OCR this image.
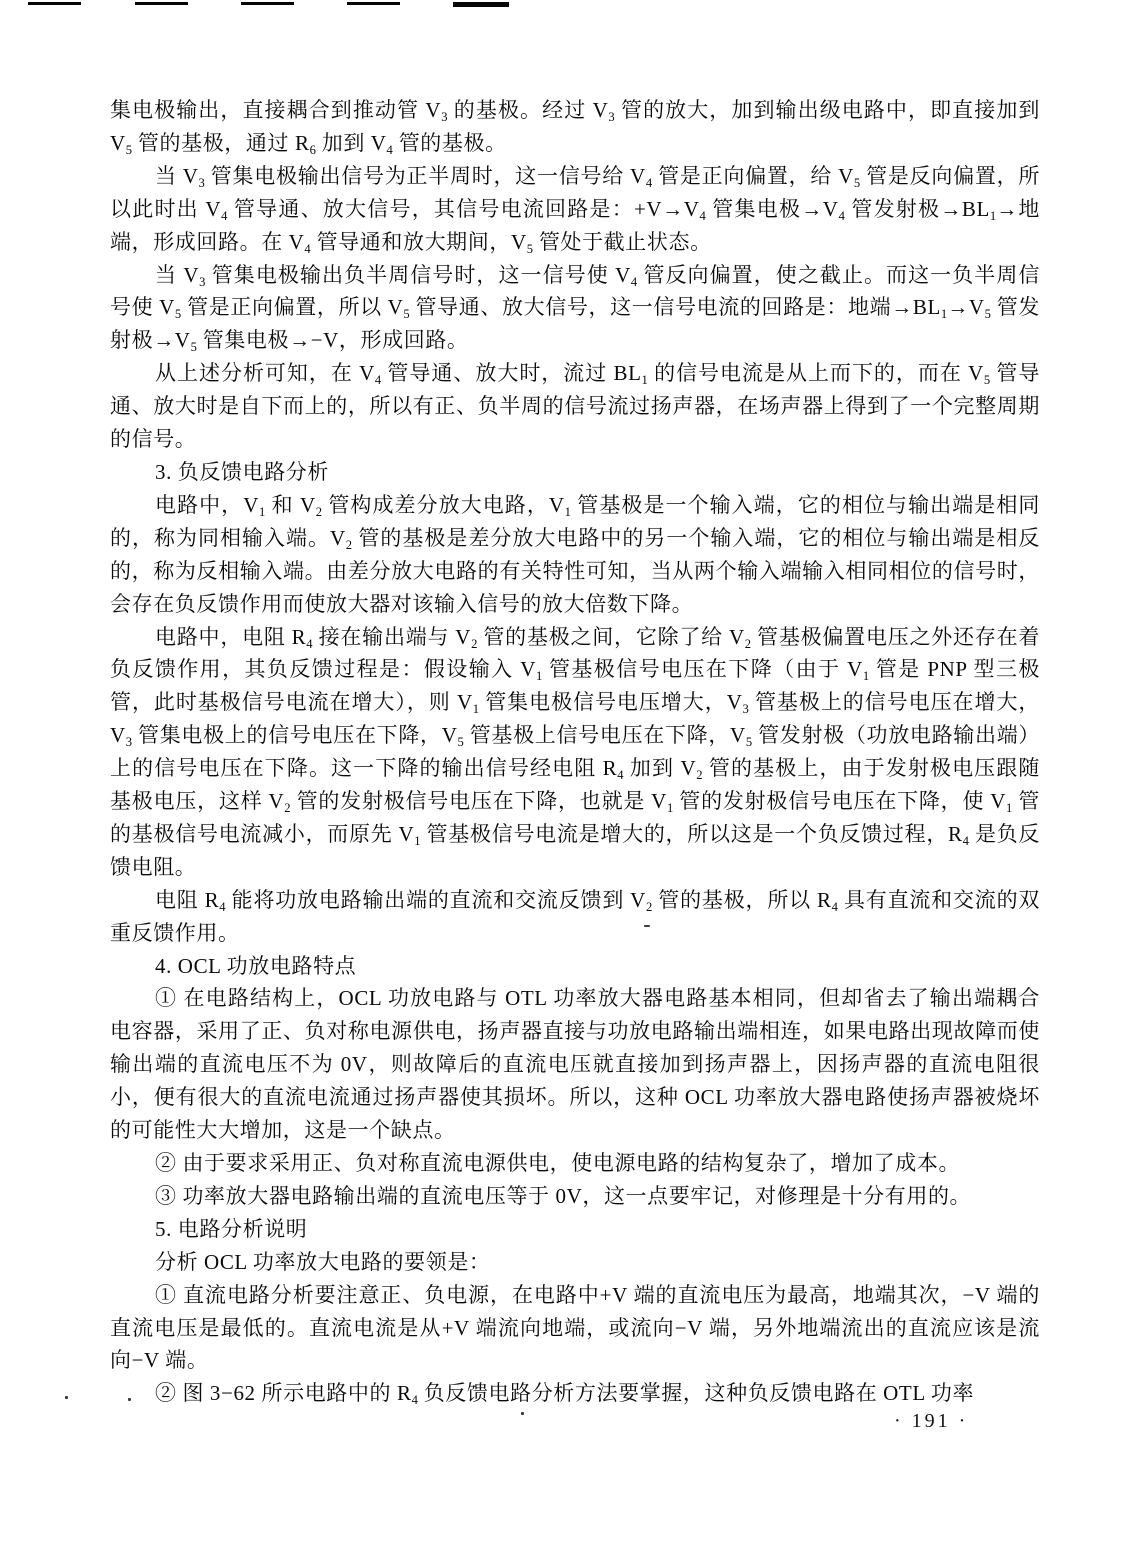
集电极输出，直接耦合到推动管 $V_3$ 的基极。经过 $V_3$ 管的放大，加到输出级电路中，即直接加到 $V_5$ 管的基极，通过 $R_6$ 加到 $V_4$ 管的基极。

当 $V_3$ 管集电极输出信号为正半周时，这一信号给 $V_4$ 管是正向偏置，给 $V_5$ 管是反向偏置，所以此时出 $V_4$ 管导通、放大信号，其信号电流回路是：$+V\to V_4$ 管集电极$\to V_4$ 管发射极$\to BL_1\to$地端，形成回路。在 $V_4$ 管导通和放大期间，$V_5$ 管处于截止状态。

当 $V_3$ 管集电极输出负半周信号时，这一信号使 $V_4$ 管反向偏置，使之截止。而这一负半周信号使 $V_5$ 管是正向偏置，所以 $V_5$ 管导通、放大信号，这一信号电流的回路是：地端$\to BL_1\to V_5$ 管发射极$\to V_5$ 管集电极→−V，形成回路。

从上述分析可知，在 $V_4$ 管导通、放大时，流过 $BL_1$ 的信号电流是从上而下的，而在 $V_5$ 管导通、放大时是自下而上的，所以有正、负半周的信号流过扬声器，在场声器上得到了一个完整周期的信号。

3. 负反馈电路分析

电路中，$V_1$ 和 $V_2$ 管构成差分放大电路，$V_1$ 管基极是一个输入端，它的相位与输出端是相同的，称为同相输入端。$V_2$ 管的基极是差分放大电路中的另一个输入端，它的相位与输出端是相反的，称为反相输入端。由差分放大电路的有关特性可知，当从两个输入端输入相同相位的信号时，会存在负反馈作用而使放大器对该输入信号的放大倍数下降。

电路中，电阻 $R_4$ 接在输出端与 $V_2$ 管的基极之间，它除了给 $V_2$ 管基极偏置电压之外还存在着负反馈作用，其负反馈过程是：假设输入 $V_1$ 管基极信号电压在下降（由于 $V_1$ 管是 PNP 型三极管，此时基极信号电流在增大），则 $V_1$ 管集电极信号电压增大，$V_3$ 管基极上的信号电压在增大，$V_3$ 管集电极上的信号电压在下降，$V_5$ 管基极上信号电压在下降，$V_5$ 管发射极（功放电路输出端）上的信号电压在下降。这一下降的输出信号经电阻 $R_4$ 加到 $V_2$ 管的基极上，由于发射极电压跟随基极电压，这样 $V_2$ 管的发射极信号电压在下降，也就是 $V_1$ 管的发射极信号电压在下降，使 $V_1$ 管的基极信号电流减小，而原先 $V_1$ 管基极信号电流是增大的，所以这是一个负反馈过程，$R_4$ 是负反馈电阻。

电阻 $R_4$ 能将功放电路输出端的直流和交流反馈到 $V_2$ 管的基极，所以 $R_4$ 具有直流和交流的双重反馈作用。

4. OCL 功放电路特点

① 在电路结构上，OCL 功放电路与 OTL 功率放大器电路基本相同，但却省去了输出端耦合电容器，采用了正、负对称电源供电，扬声器直接与功放电路输出端相连，如果电路出现故障而使输出端的直流电压不为 0V，则故障后的直流电压就直接加到扬声器上，因扬声器的直流电阻很小，便有很大的直流电流通过扬声器使其损坏。所以，这种 OCL 功率放大器电路使扬声器被烧坏的可能性大大增加，这是一个缺点。

② 由于要求采用正、负对称直流电源供电，使电源电路的结构复杂了，增加了成本。

③ 功率放大器电路输出端的直流电压等于 0V，这一点要牢记，对修理是十分有用的。

5. 电路分析说明

分析 OCL 功率放大电路的要领是：

① 直流电路分析要注意正、负电源，在电路中+V 端的直流电压为最高，地端其次，−V 端的直流电压是最低的。直流电流是从+V 端流向地端，或流向−V 端，另外地端流出的直流应该是流向−V 端。

② 图 3−62 所示电路中的 $R_4$ 负反馈电路分析方法要掌握，这种负反馈电路在 OTL 功率

· 191 ·
